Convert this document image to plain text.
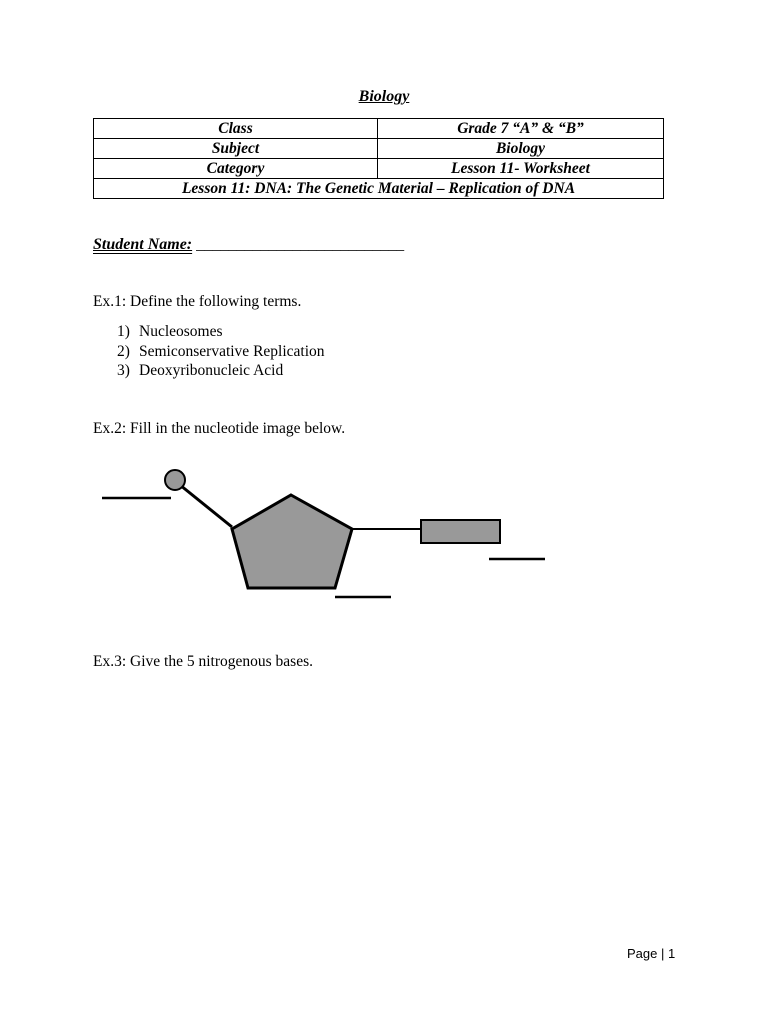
Biology
Class	Grade 7 “A” & “B”
Subject	Biology
Category	Lesson 11- Worksheet
Lesson 11: DNA: The Genetic Material – Replication of DNA	
Student Name: __________________________
Ex.1: Define the following terms.
1) Nucleosomes
2) Semiconservative Replication
3) Deoxyribonucleic Acid
Ex.2: Fill in the nucleotide image below.
Ex.3: Give the 5 nitrogenous bases.
Page | 1
